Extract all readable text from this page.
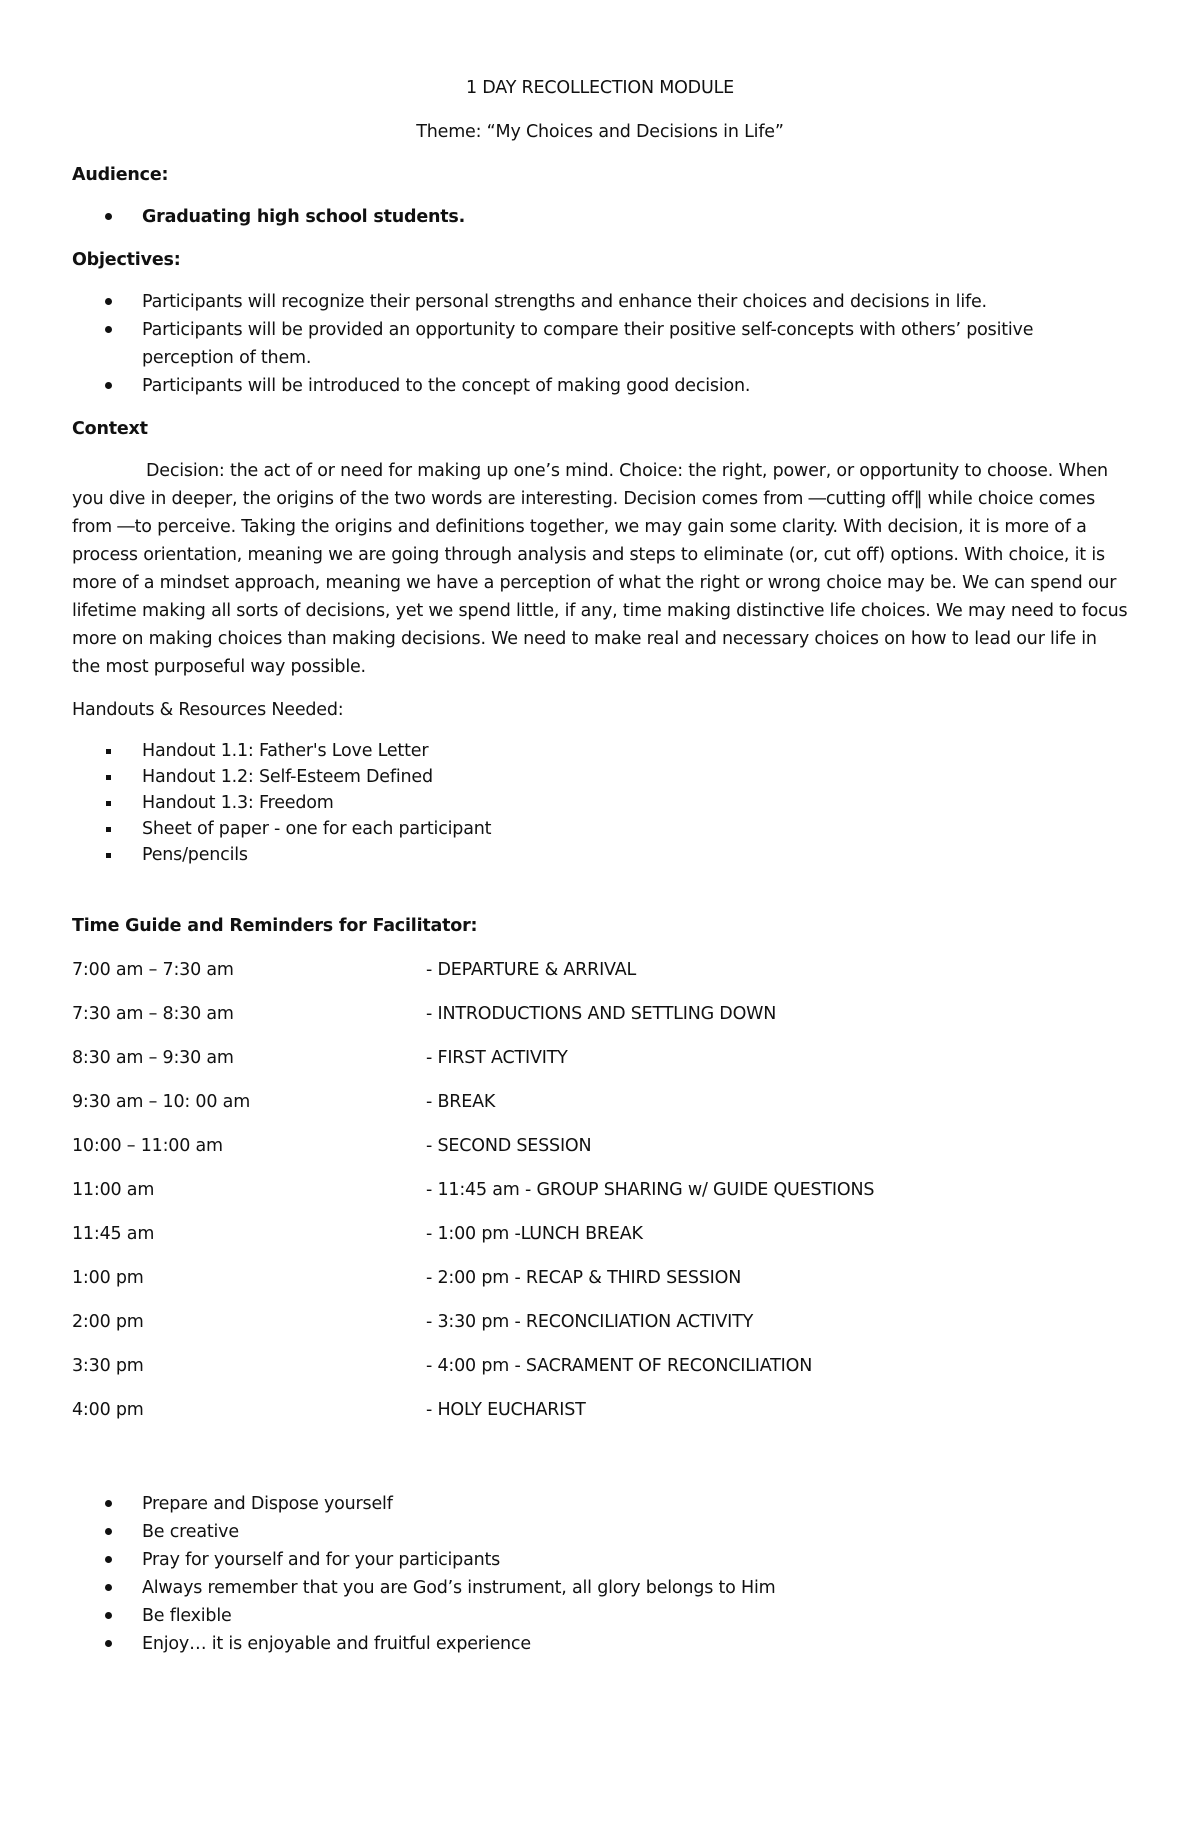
1 DAY RECOLLECTION MODULE
Theme: “My Choices and Decisions in Life”
Audience:
Graduating high school students.
Objectives:
Participants will recognize their personal strengths and enhance their choices and decisions in life.
Participants will be provided an opportunity to compare their positive self-concepts with others’ positive perception of them.
Participants will be introduced to the concept of making good decision.
Context

Decision: the act of or need for making up one’s mind. Choice: the right, power, or opportunity to choose. When you dive in deeper, the origins of the two words are interesting. Decision comes from ―cutting off‖ while choice comes from ―to perceive. Taking the origins and definitions together, we may gain some clarity. With decision, it is more of a process orientation, meaning we are going through analysis and steps to eliminate (or, cut off) options. With choice, it is more of a mindset approach, meaning we have a perception of what the right or wrong choice may be. We can spend our lifetime making all sorts of decisions, yet we spend little, if any, time making distinctive life choices. We may need to focus more on making choices than making decisions. We need to make real and necessary choices on how to lead our life in the most purposeful way possible.

Handouts & Resources Needed:
Handout 1.1: Father's Love Letter
Handout 1.2: Self-Esteem Defined
Handout 1.3: Freedom
Sheet of paper - one for each participant
Pens/pencils
Time Guide and Reminders for Facilitator:
7:00 am – 7:30 am	- DEPARTURE & ARRIVAL
7:30 am – 8:30 am	- INTRODUCTIONS AND SETTLING DOWN
8:30 am – 9:30 am	- FIRST ACTIVITY
9:30 am – 10: 00 am	- BREAK
10:00 – 11:00 am	- SECOND SESSION
11:00 am	- 11:45 am - GROUP SHARING w/ GUIDE QUESTIONS
11:45 am	- 1:00 pm -LUNCH BREAK
1:00 pm	- 2:00 pm - RECAP & THIRD SESSION
2:00 pm	- 3:30 pm - RECONCILIATION ACTIVITY
3:30 pm	- 4:00 pm - SACRAMENT OF RECONCILIATION
4:00 pm	- HOLY EUCHARIST
Prepare and Dispose yourself
Be creative
Pray for yourself and for your participants
Always remember that you are God’s instrument, all glory belongs to Him
Be flexible
Enjoy… it is enjoyable and fruitful experience
